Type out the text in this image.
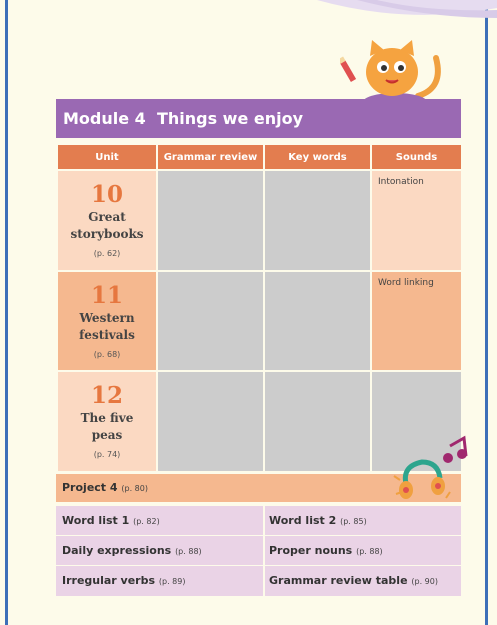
Module 4 Things we enjoy
Unit	Grammar review	Key words	Sounds

10
Great storybooks
(p. 62)			Intonation

11
Western festivals
(p. 68)			Word linking

12
The five peas
(p. 74)			

Project 4 (p. 80)
Word list 1 (p. 82)	Word list 2 (p. 85)
Daily expressions (p. 88)	Proper nouns (p. 88)
Irregular verbs (p. 89)	Grammar review table (p. 90)
